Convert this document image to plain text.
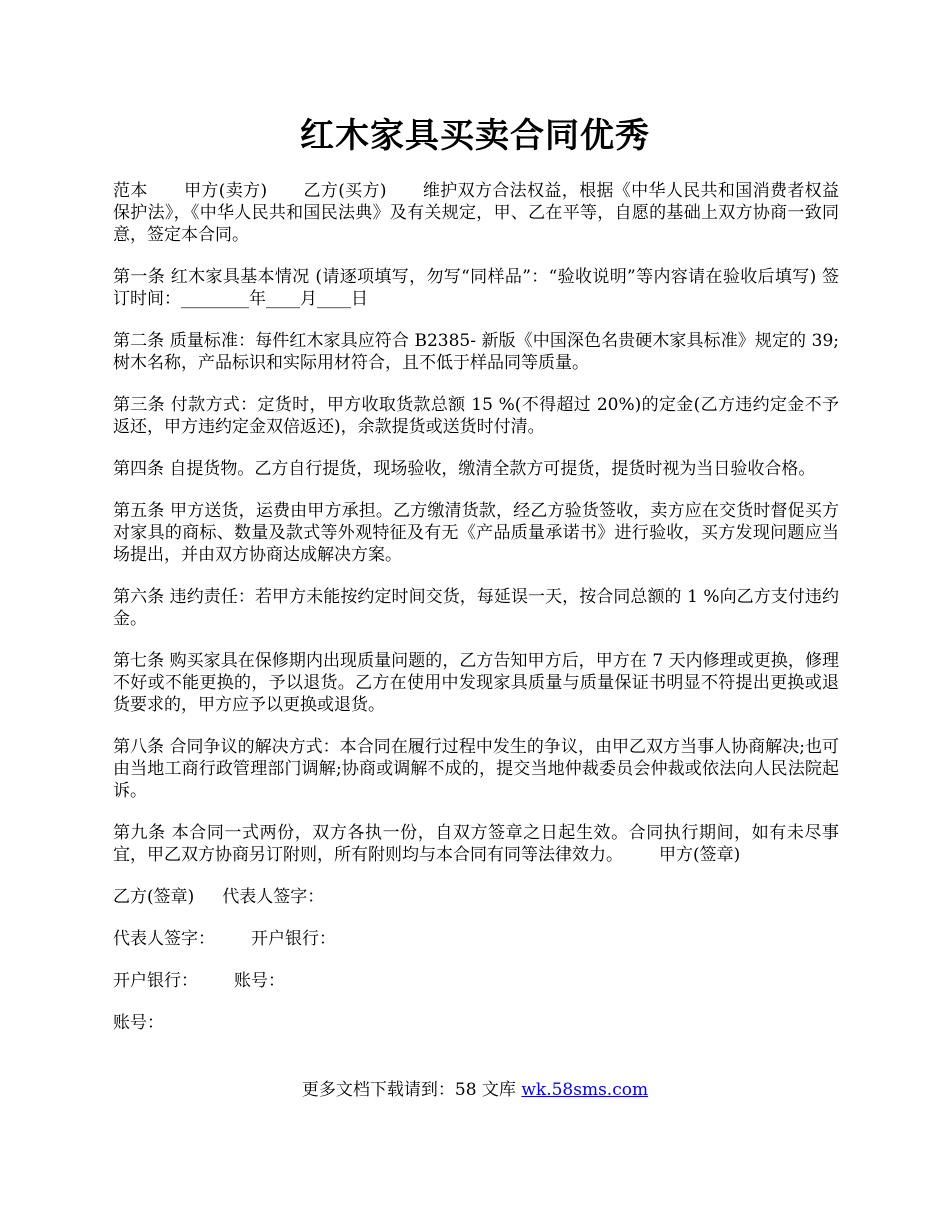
红木家具买卖合同优秀

范本 甲方(卖方) 乙方(买方) 维护双方合法权益，根据《中华人民共和国消费者权益保护法》，《中华人民共和国民法典》及有关规定，甲、乙在平等，自愿的基础上双方协商一致同意，签定本合同。

第一条 红木家具基本情况 (请逐项填写，勿写“同样品”：“验收说明”等内容请在验收后填写) 签订时间：________年____月____日

第二条 质量标准：每件红木家具应符合 B2385- 新版《中国深色名贵硬木家具标准》规定的 39;树木名称，产品标识和实际用材符合，且不低于样品同等质量。

第三条 付款方式：定货时，甲方收取货款总额 15 %(不得超过 20%)的定金(乙方违约定金不予返还，甲方违约定金双倍返还)，余款提货或送货时付清。

第四条 自提货物。乙方自行提货，现场验收，缴清全款方可提货，提货时视为当日验收合格。

第五条 甲方送货，运费由甲方承担。乙方缴清货款，经乙方验货签收，卖方应在交货时督促买方对家具的商标、数量及款式等外观特征及有无《产品质量承诺书》进行验收，买方发现问题应当场提出，并由双方协商达成解决方案。

第六条 违约责任：若甲方未能按约定时间交货，每延误一天，按合同总额的 1 %向乙方支付违约金。

第七条 购买家具在保修期内出现质量问题的，乙方告知甲方后，甲方在 7 天内修理或更换，修理不好或不能更换的，予以退货。乙方在使用中发现家具质量与质量保证书明显不符提出更换或退货要求的，甲方应予以更换或退货。

第八条 合同争议的解决方式：本合同在履行过程中发生的争议，由甲乙双方当事人协商解决;也可由当地工商行政管理部门调解;协商或调解不成的，提交当地仲裁委员会仲裁或依法向人民法院起诉。

第九条 本合同一式两份，双方各执一份，自双方签章之日起生效。合同执行期间，如有未尽事宜，甲乙双方协商另订附则，所有附则均与本合同有同等法律效力。 甲方(签章)

乙方(签章) 代表人签字：

代表人签字： 开户银行：

开户银行： 账号：

账号：

更多文档下载请到：58 文库 wk.58sms.com
